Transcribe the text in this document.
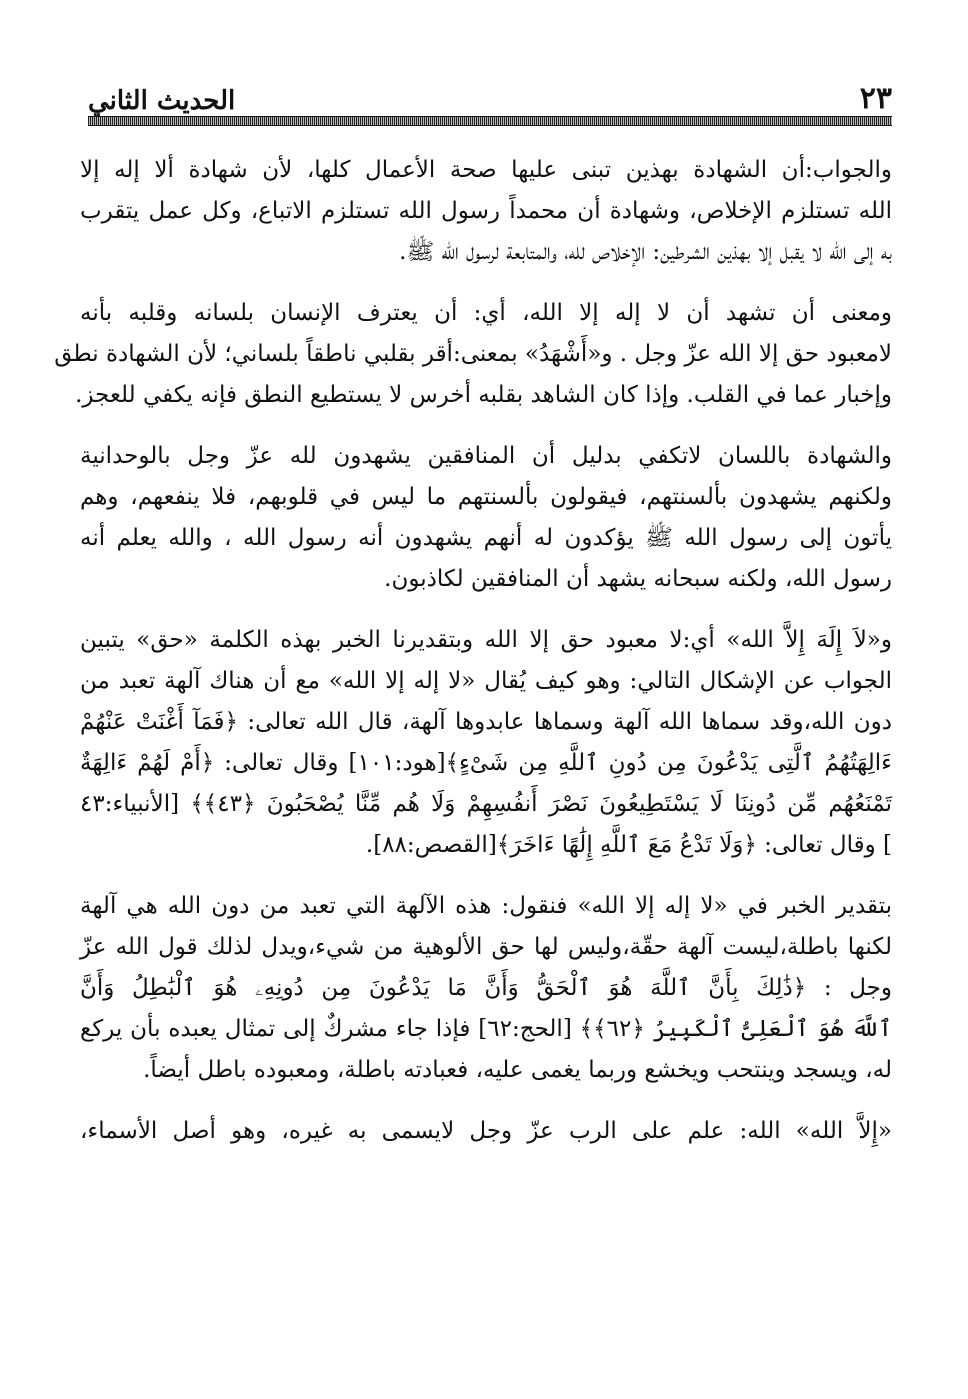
٢٣
الحديث الثاني

والجواب:أن الشهادة بهذين تبنى عليها صحة الأعمال كلها، لأن شهادة ألا إله إلا
الله تستلزم الإخلاص، وشهادة أن محمداً رسول الله تستلزم الاتباع، وكل عمل يتقرب
به إلى الله لا يقبل إلا بهذين الشرطين: الإخلاص لله، والمتابعة لرسول الله ﷺ.

ومعنى أن تشهد أن لا إله إلا الله، أي: أن يعترف الإنسان بلسانه وقلبه بأنه
لامعبود حق إلا الله عزّ وجل . و«أَشْهَدُ» بمعنى:أقر بقلبي ناطقاً بلساني؛ لأن الشهادة نطق
وإخبار عما في القلب. وإذا كان الشاهد بقلبه أخرس لا يستطيع النطق فإنه يكفي للعجز.

والشهادة باللسان لاتكفي بدليل أن المنافقين يشهدون لله عزّ وجل بالوحدانية
ولكنهم يشهدون بألسنتهم، فيقولون بألسنتهم ما ليس في قلوبهم، فلا ينفعهم، وهم
يأتون إلى رسول الله ﷺ يؤكدون له أنهم يشهدون أنه رسول الله ، والله يعلم أنه
رسول الله، ولكنه سبحانه يشهد أن المنافقين لكاذبون.

و«لاَ إِلَهَ إِلاَّ الله» أي:لا معبود حق إلا الله وبتقديرنا الخبر بهذه الكلمة «حق» يتبين
الجواب عن الإشكال التالي: وهو كيف يُقال «لا إله إلا الله» مع أن هناك آلهة تعبد من
دون الله،وقد سماها الله آلهة وسماها عابدوها آلهة، قال الله تعالى: ﴿فَمَآ أَغْنَتْ عَنْهُمْ
ءَالِهَتُهُمُ ٱلَّتِى يَدْعُونَ مِن دُونِ ٱللَّهِ مِن شَىْءٍ﴾[هود:١٠١] وقال تعالى: ﴿أَمْ لَهُمْ ءَالِهَةٌ
تَمْنَعُهُم مِّن دُونِنَا لَا يَسْتَطِيعُونَ نَصْرَ أَنفُسِهِمْ وَلَا هُم مِّنَّا يُصْحَبُونَ ﴿٤٣﴾﴾ [الأنبياء:٤٣
] وقال تعالى: ﴿وَلَا تَدْعُ مَعَ ٱللَّهِ إِلَٰهًا ءَاخَرَ﴾[القصص:٨٨].

بتقدير الخبر في «لا إله إلا الله» فنقول: هذه الآلهة التي تعبد من دون الله هي آلهة
لكنها باطلة،ليست آلهة حقّة،وليس لها حق الألوهية من شيء،ويدل لذلك قول الله عزّ
وجل : ﴿ذَٰلِكَ بِأَنَّ ٱللَّهَ هُوَ ٱلْحَقُّ وَأَنَّ مَا يَدْعُونَ مِن دُونِهِۦ هُوَ ٱلْبَٰطِلُ وَأَنَّ
ٱللَّهَ هُوَ ٱلْعَلِىُّ ٱلْكَبِيرُ ﴿٦٢﴾﴾ [الحج:٦٢] فإذا جاء مشركٌ إلى تمثال يعبده بأن يركع
له، ويسجد وينتحب ويخشع وربما يغمى عليه، فعبادته باطلة، ومعبوده باطل أيضاً.

«إِلاَّ الله» الله: علم على الرب عزّ وجل لايسمى به غيره، وهو أصل الأسماء،
